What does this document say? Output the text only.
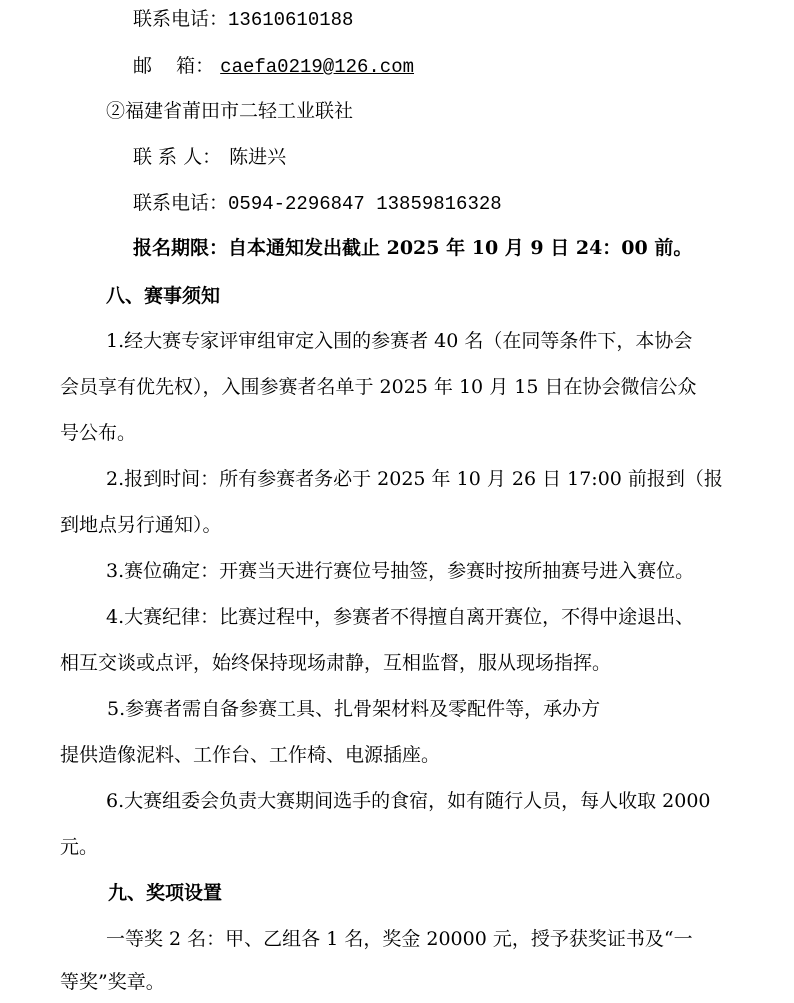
联系电话：13610610188
邮    箱： caefa0219@126.com
②福建省莆田市二轻工业联社
联 系 人： 陈进兴
联系电话：0594-2296847 13859816328
报名期限：自本通知发出截止 2025 年 10 月 9 日 24：00 前。
八、赛事须知
1.经大赛专家评审组审定入围的参赛者 40 名（在同等条件下，本协会
会员享有优先权），入围参赛者名单于 2025 年 10 月 15 日在协会微信公众
号公布。
2.报到时间：所有参赛者务必于 2025 年 10 月 26 日 17:00 前报到（报
到地点另行通知）。
3.赛位确定：开赛当天进行赛位号抽签，参赛时按所抽赛号进入赛位。
4.大赛纪律：比赛过程中，参赛者不得擅自离开赛位，不得中途退出、
相互交谈或点评，始终保持现场肃静，互相监督，服从现场指挥。
5.参赛者需自备参赛工具、扎骨架材料及零配件等，承办方
提供造像泥料、工作台、工作椅、电源插座。
6.大赛组委会负责大赛期间选手的食宿，如有随行人员，每人收取 2000
元。
九、奖项设置
一等奖 2 名：甲、乙组各 1 名，奖金 20000 元，授予获奖证书及“一
等奖”奖章。
